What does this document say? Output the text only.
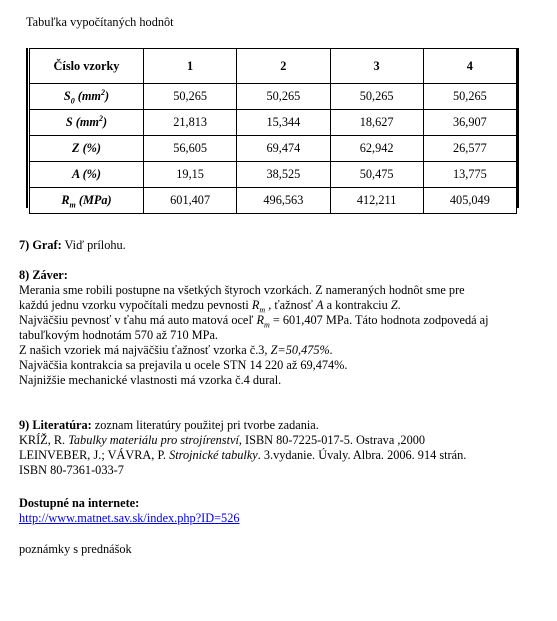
Tabuľka vypočítaných hodnôt
Číslo vzorky	1	2	3	4
$S_0$ $(mm^2)$	50,265	50,265	50,265	50,265
S $(mm^2)$	21,813	15,344	18,627	36,907
Z (%)	56,605	69,474	62,942	26,577
A (%)	19,15	38,525	50,475	13,775
$R_m$ (MPa)	601,407	496,563	412,211	405,049
7) Graf: Viď prílohu.
8) Záver:
Merania sme robili postupne na všetkých štyroch vzorkách. Z nameraných hodnôt sme pre
každú jednu vzorku vypočítali medzu pevnosti $R_m$ , ťažnosť A a kontrakciu Z.
Najväčšiu pevnosť v ťahu má auto matová oceľ $R_m = 601,407$ MPa. Táto hodnota zodpovedá aj
tabuľkovým hodnotám 570 až 710 MPa.
Z našich vzoriek má najväčšiu ťažnosť vzorka č.3, Z=50,475%.
Najväčšia kontrakcia sa prejavila u ocele STN 14 220 až 69,474%.
Najnižšie mechanické vlastnosti má vzorka č.4 dural.
9) Literatúra: zoznam literatúry použitej pri tvorbe zadania.
KRÍŽ, R. Tabulky materiálu pro strojírenství, ISBN 80-7225-017-5. Ostrava ,2000
LEINVEBER, J.; VÁVRA, P. Strojnické tabulky. 3.vydanie. Úvaly. Albra. 2006. 914 strán.
ISBN 80-7361-033-7
Dostupné na internete:
http://www.matnet.sav.sk/index.php?ID=526
poznámky s prednášok
